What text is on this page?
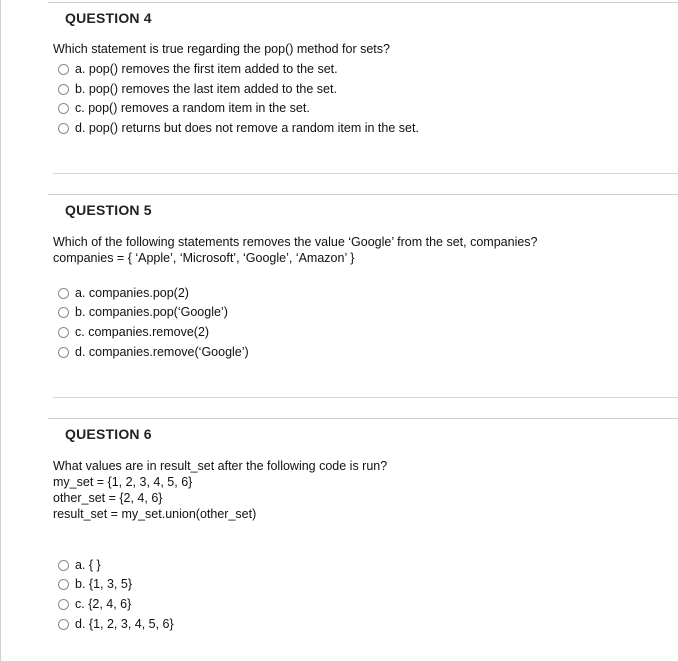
QUESTION 4
Which statement is true regarding the pop() method for sets?
a. pop() removes the first item added to the set.
b. pop() removes the last item added to the set.
c. pop() removes a random item in the set.
d. pop() returns but does not remove a random item in the set.
QUESTION 5
Which of the following statements removes the value ‘Google’ from the set, companies?
companies = { ‘Apple’, ‘Microsoft’, ‘Google’, ‘Amazon’ }
a. companies.pop(2)
b. companies.pop(‘Google’)
c. companies.remove(2)
d. companies.remove(‘Google’)
QUESTION 6
What values are in result_set after the following code is run?
my_set = {1, 2, 3, 4, 5, 6}
other_set = {2, 4, 6}
result_set = my_set.union(other_set)
a. { }
b. {1, 3, 5}
c. {2, 4, 6}
d. {1, 2, 3, 4, 5, 6}
